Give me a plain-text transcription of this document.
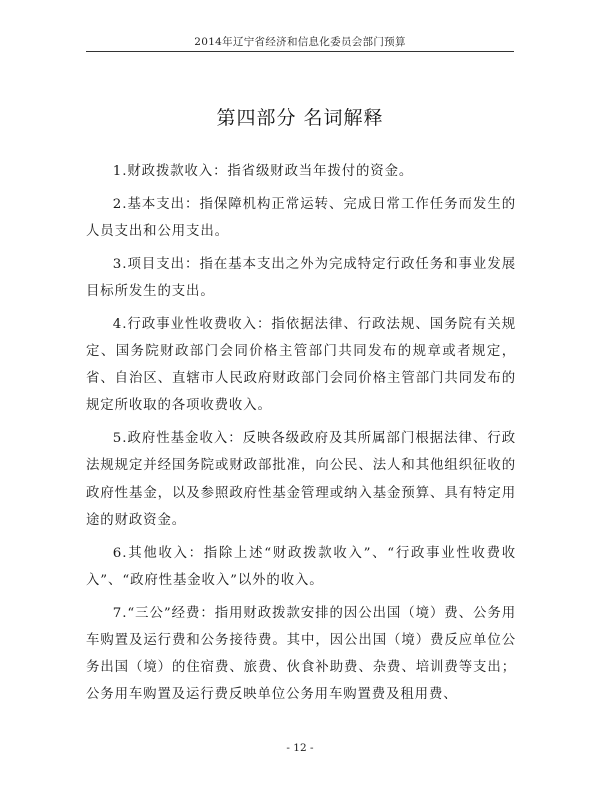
2014年辽宁省经济和信息化委员会部门预算
第四部分 名词解释

1.财政拨款收入：指省级财政当年拨付的资金。

2.基本支出：指保障机构正常运转、完成日常工作任务而发生的人员支出和公用支出。

3.项目支出：指在基本支出之外为完成特定行政任务和事业发展目标所发生的支出。

4.行政事业性收费收入：指依据法律、行政法规、国务院有关规定、国务院财政部门会同价格主管部门共同发布的规章或者规定，省、自治区、直辖市人民政府财政部门会同价格主管部门共同发布的规定所收取的各项收费收入。

5.政府性基金收入：反映各级政府及其所属部门根据法律、行政法规规定并经国务院或财政部批准，向公民、法人和其他组织征收的政府性基金，以及参照政府性基金管理或纳入基金预算、具有特定用途的财政资金。

6.其他收入：指除上述“财政拨款收入”、“行政事业性收费收入”、“政府性基金收入”以外的收入。

7.“三公”经费：指用财政拨款安排的因公出国（境）费、公务用车购置及运行费和公务接待费。其中，因公出国（境）费反应单位公务出国（境）的住宿费、旅费、伙食补助费、杂费、培训费等支出；公务用车购置及运行费反映单位公务用车购置费及租用费、

- 12 -
